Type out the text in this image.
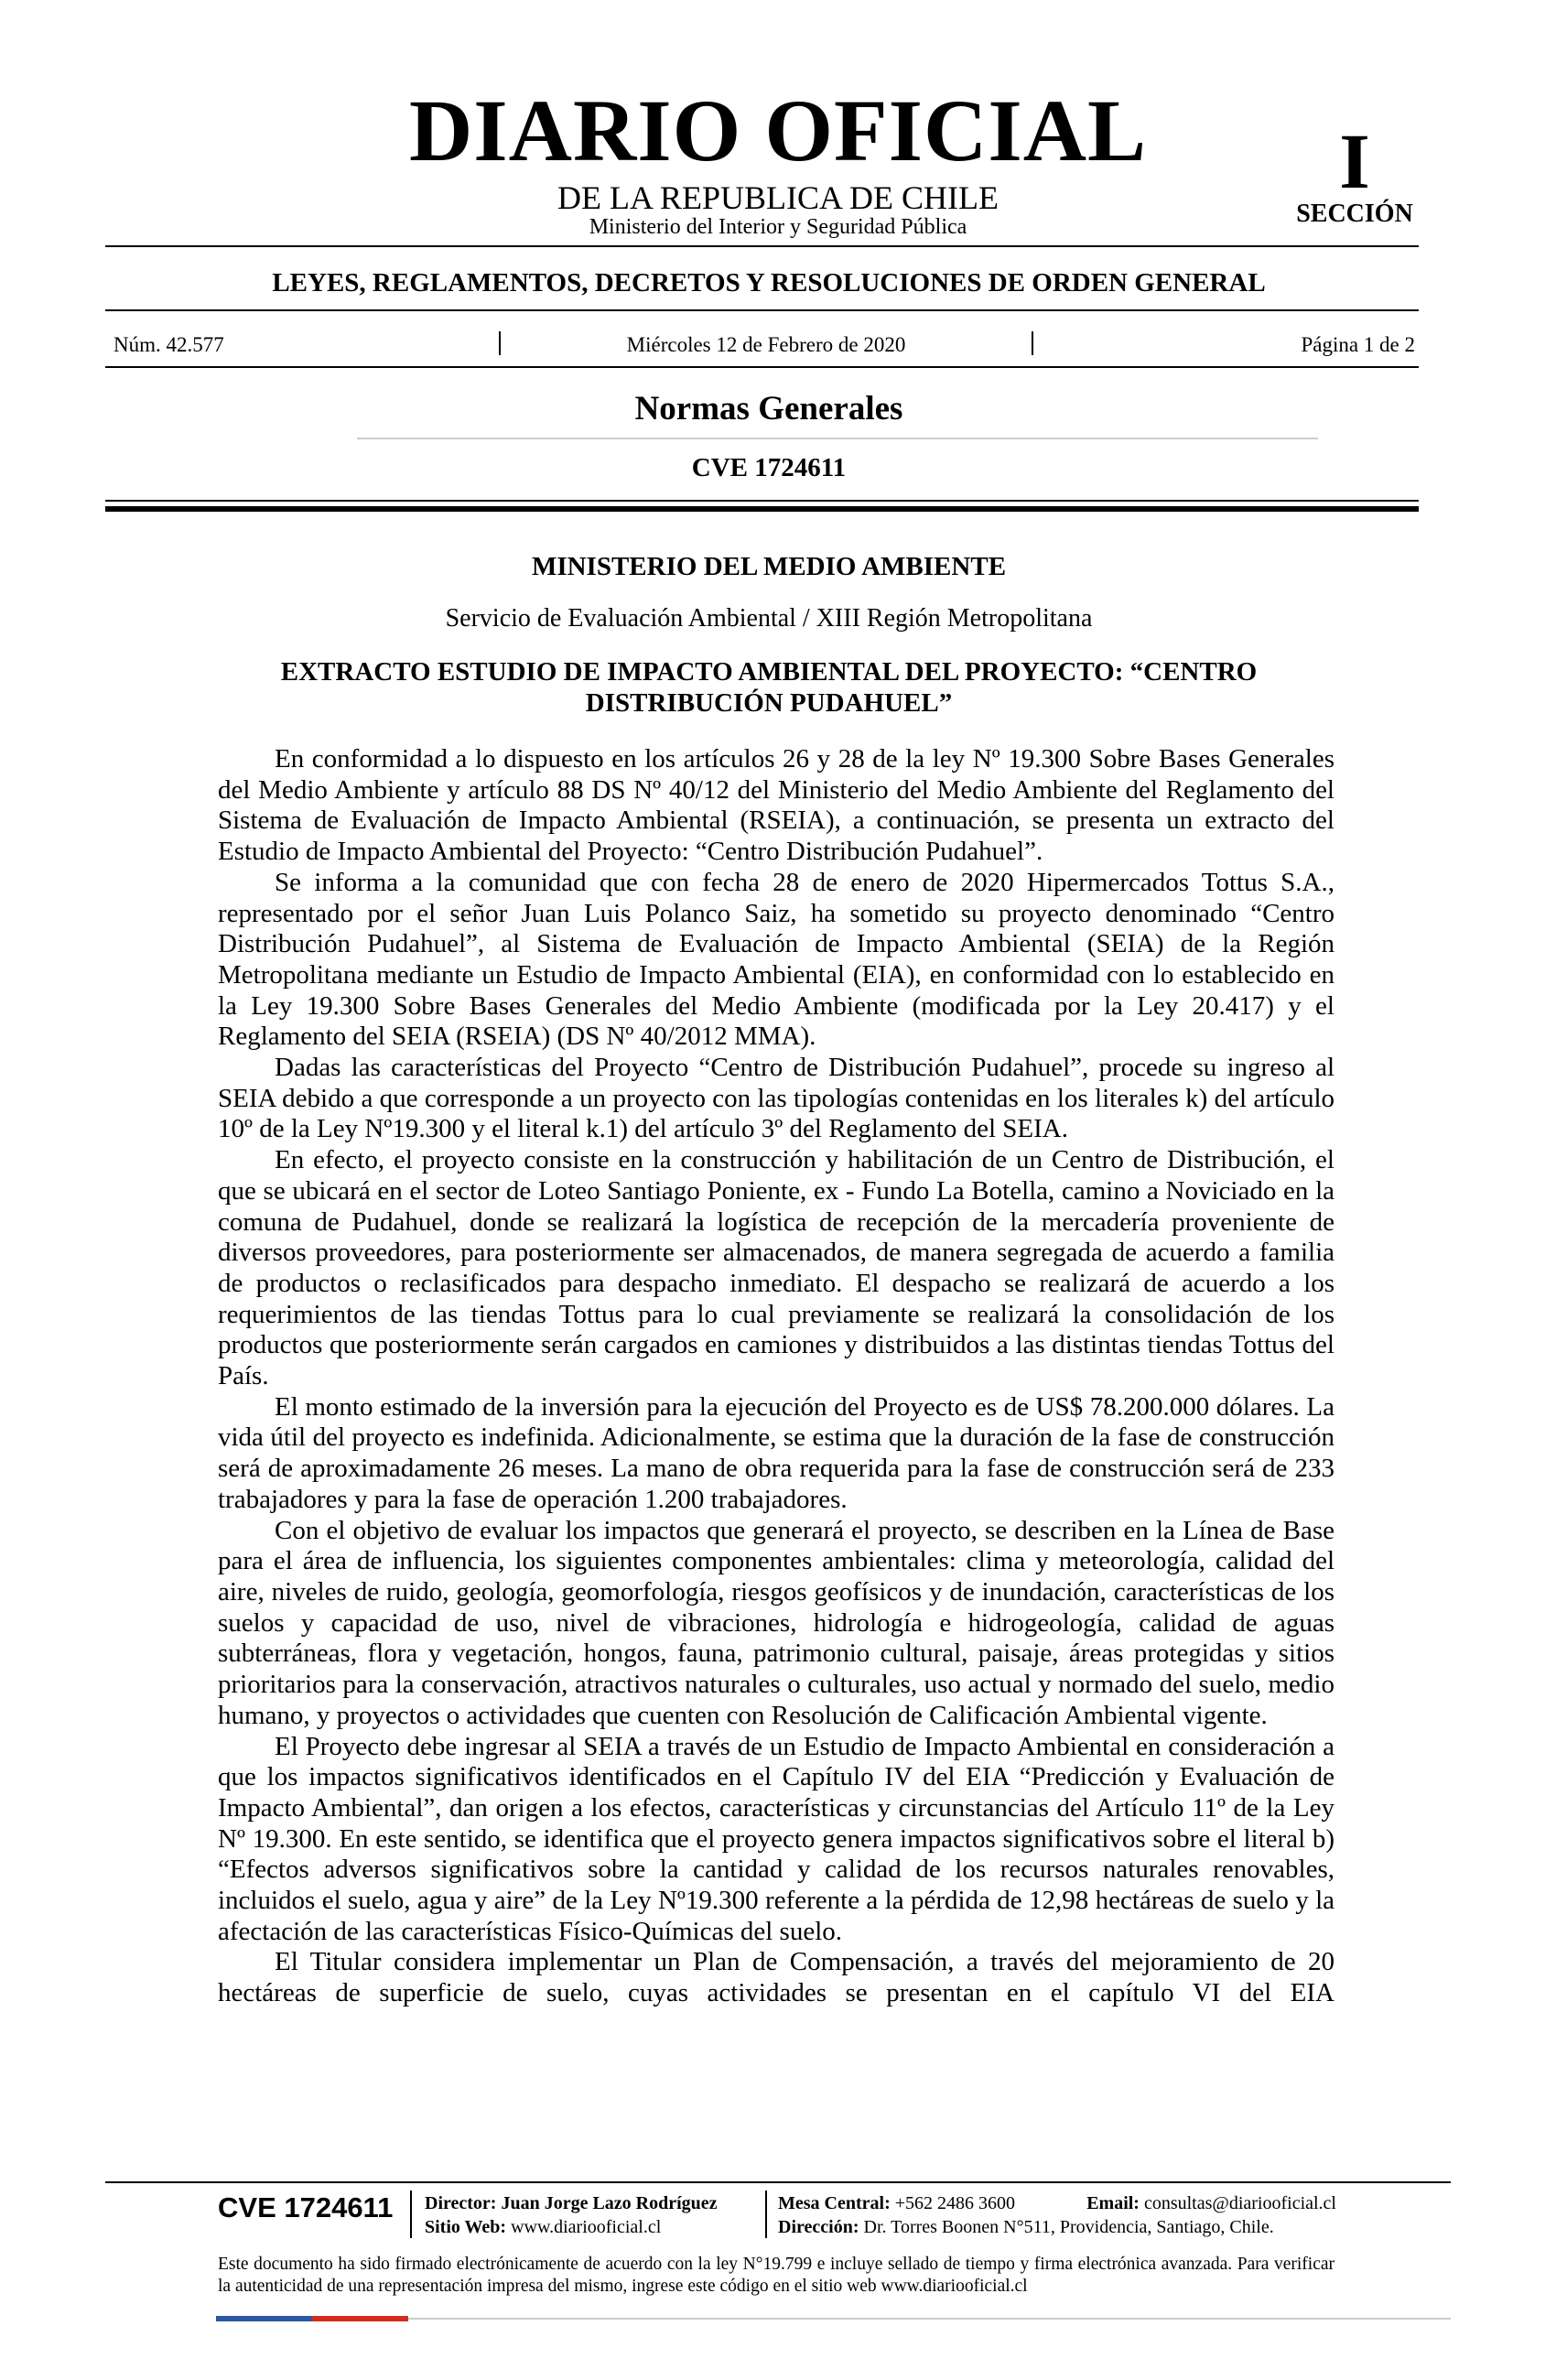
DIARIO OFICIAL
DE LA REPUBLICA DE CHILE
Ministerio del Interior y Seguridad Pública
I
SECCIÓN
LEYES, REGLAMENTOS, DECRETOS Y RESOLUCIONES DE ORDEN GENERAL
Núm. 42.577	Miércoles 12 de Febrero de 2020	Página 1 de 2
Normas Generales
CVE 1724611
MINISTERIO DEL MEDIO AMBIENTE
Servicio de Evaluación Ambiental / XIII Región Metropolitana
EXTRACTO ESTUDIO DE IMPACTO AMBIENTAL DEL PROYECTO: “CENTRO DISTRIBUCIÓN PUDAHUEL”

En conformidad a lo dispuesto en los artículos 26 y 28 de la ley Nº 19.300 Sobre Bases Generales del Medio Ambiente y artículo 88 DS Nº 40/12 del Ministerio del Medio Ambiente del Reglamento del Sistema de Evaluación de Impacto Ambiental (RSEIA), a continuación, se presenta un extracto del Estudio de Impacto Ambiental del Proyecto: “Centro Distribución Pudahuel”.

Se informa a la comunidad que con fecha 28 de enero de 2020 Hipermercados Tottus S.A., representado por el señor Juan Luis Polanco Saiz, ha sometido su proyecto denominado “Centro Distribución Pudahuel”, al Sistema de Evaluación de Impacto Ambiental (SEIA) de la Región Metropolitana mediante un Estudio de Impacto Ambiental (EIA), en conformidad con lo establecido en la Ley 19.300 Sobre Bases Generales del Medio Ambiente (modificada por la Ley 20.417) y el Reglamento del SEIA (RSEIA) (DS Nº 40/2012 MMA).

Dadas las características del Proyecto “Centro de Distribución Pudahuel”, procede su ingreso al SEIA debido a que corresponde a un proyecto con las tipologías contenidas en los literales k) del artículo 10º de la Ley Nº19.300 y el literal k.1) del artículo 3º del Reglamento del SEIA.

En efecto, el proyecto consiste en la construcción y habilitación de un Centro de Distribución, el que se ubicará en el sector de Loteo Santiago Poniente, ex - Fundo La Botella, camino a Noviciado en la comuna de Pudahuel, donde se realizará la logística de recepción de la mercadería proveniente de diversos proveedores, para posteriormente ser almacenados, de manera segregada de acuerdo a familia de productos o reclasificados para despacho inmediato. El despacho se realizará de acuerdo a los requerimientos de las tiendas Tottus para lo cual previamente se realizará la consolidación de los productos que posteriormente serán cargados en camiones y distribuidos a las distintas tiendas Tottus del País.

El monto estimado de la inversión para la ejecución del Proyecto es de US$ 78.200.000 dólares. La vida útil del proyecto es indefinida. Adicionalmente, se estima que la duración de la fase de construcción será de aproximadamente 26 meses. La mano de obra requerida para la fase de construcción será de 233 trabajadores y para la fase de operación 1.200 trabajadores.

Con el objetivo de evaluar los impactos que generará el proyecto, se describen en la Línea de Base para el área de influencia, los siguientes componentes ambientales: clima y meteorología, calidad del aire, niveles de ruido, geología, geomorfología, riesgos geofísicos y de inundación, características de los suelos y capacidad de uso, nivel de vibraciones, hidrología e hidrogeología, calidad de aguas subterráneas, flora y vegetación, hongos, fauna, patrimonio cultural, paisaje, áreas protegidas y sitios prioritarios para la conservación, atractivos naturales o culturales, uso actual y normado del suelo, medio humano, y proyectos o actividades que cuenten con Resolución de Calificación Ambiental vigente.

El Proyecto debe ingresar al SEIA a través de un Estudio de Impacto Ambiental en consideración a que los impactos significativos identificados en el Capítulo IV del EIA “Predicción y Evaluación de Impacto Ambiental”, dan origen a los efectos, características y circunstancias del Artículo 11º de la Ley Nº 19.300. En este sentido, se identifica que el proyecto genera impactos significativos sobre el literal b) “Efectos adversos significativos sobre la cantidad y calidad de los recursos naturales renovables, incluidos el suelo, agua y aire” de la Ley Nº19.300 referente a la pérdida de 12,98 hectáreas de suelo y la afectación de las características Físico-Químicas del suelo.

El Titular considera implementar un Plan de Compensación, a través del mejoramiento de 20 hectáreas de superficie de suelo, cuyas actividades se presentan en el capítulo VI del EIA

CVE 1724611 Director: Juan Jorge Lazo Rodríguez
Sitio Web: www.diariooficial.cl
Mesa Central: +562 2486 3600	Email: consultas@diariooficial.cl
Dirección: Dr. Torres Boonen N°511, Providencia, Santiago, Chile.
Este documento ha sido firmado electrónicamente de acuerdo con la ley N°19.799 e incluye sellado de tiempo y firma electrónica avanzada. Para verificar la autenticidad de una representación impresa del mismo, ingrese este código en el sitio web www.diariooficial.cl
